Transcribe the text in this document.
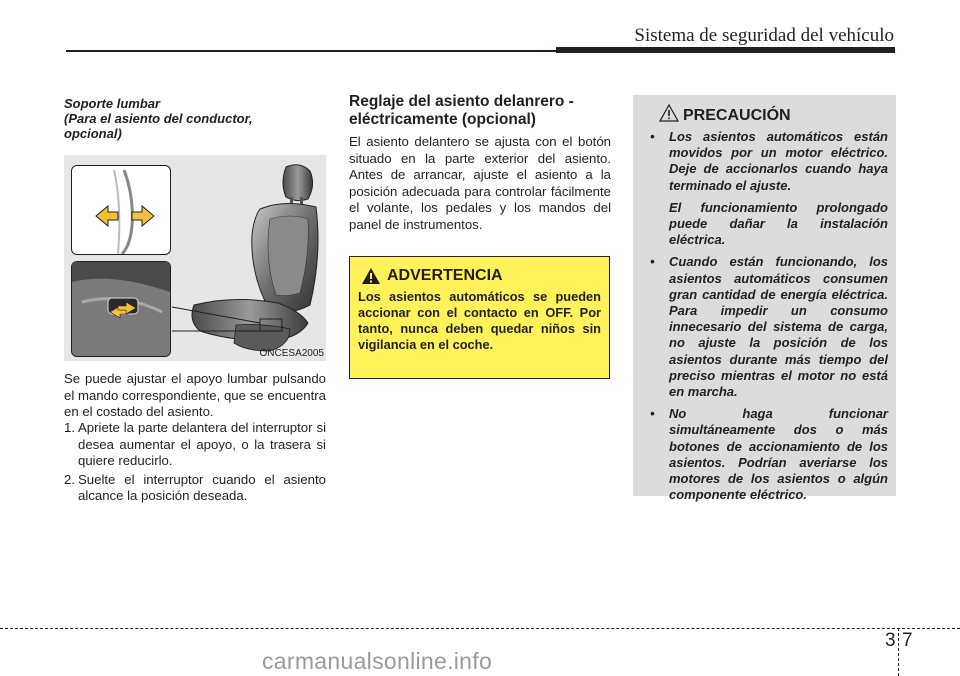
Sistema de seguridad del vehículo
Soporte lumbar
(Para el asiento del conductor,
opcional)
ONCESA2005
Se puede ajustar el apoyo lumbar pulsando el mando correspondiente, que se encuentra en el costado del asiento.
1. Apriete la parte delantera del interruptor si desea aumentar el apoyo, o la trasera si quiere reducirlo.
2. Suelte el interruptor cuando el asiento alcance la posición deseada.
Reglaje del asiento delanrero - eléctricamente (opcional)
El asiento delantero se ajusta con el botón situado en la parte exterior del asiento. Antes de arrancar, ajuste el asiento a la posición adecuada para controlar fácilmente el volante, los pedales y los mandos del panel de instrumentos.
ADVERTENCIA
Los asientos automáticos se pueden accionar con el contacto en OFF. Por tanto, nunca deben quedar niños sin vigilancia en el coche.
PRECAUCIÓN
• Los asientos automáticos están movidos por un motor eléctrico. Deje de accionarlos cuando haya terminado el ajuste.
El funcionamiento prolongado puede dañar la instalación eléctrica.
• Cuando están funcionando, los asientos automáticos consumen gran cantidad de energía eléctrica. Para impedir un consumo innecesario del sistema de carga, no ajuste la posición de los asientos durante más tiempo del preciso mientras el motor no está en marcha.
• No haga funcionar simultáneamente dos o más botones de accionamiento de los asientos. Podrían averiarse los motores de los asientos o algún componente eléctrico.
3 7
carmanualsonline.info
